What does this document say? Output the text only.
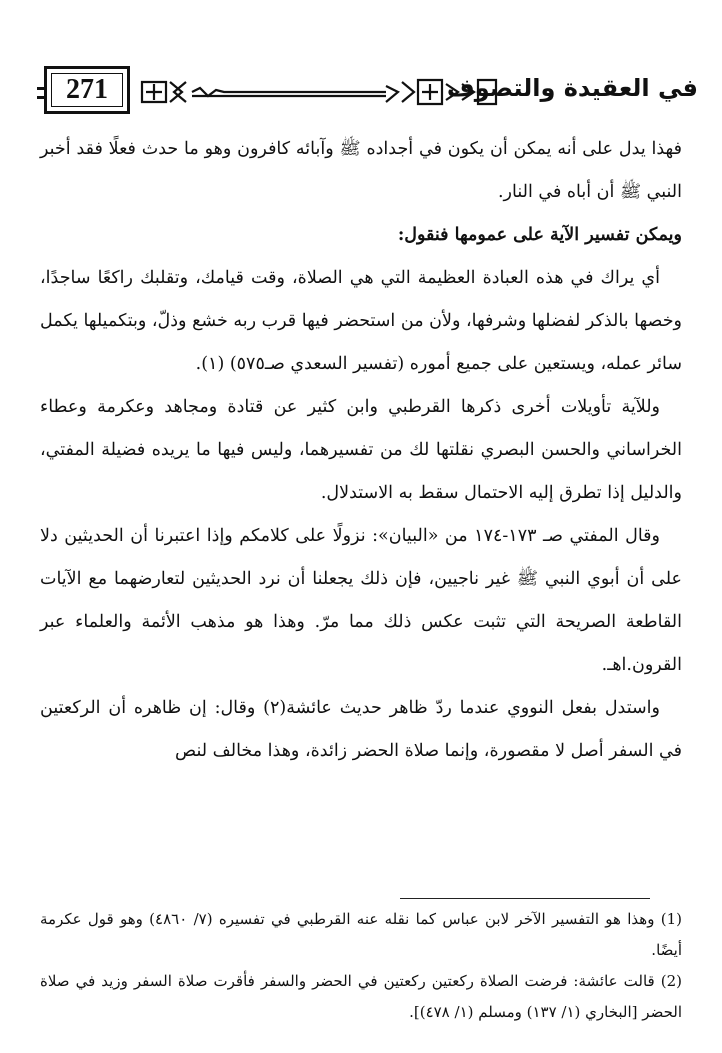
271	في العقيدة والتصوف

فهذا يدل على أنه يمكن أن يكون في أجداده ﷺ وآبائه كافرون وهو ما حدث فعلًا فقد أخبر النبي ﷺ أن أباه في النار.

ويمكن تفسير الآية على عمومها فنقول:

أي يراك في هذه العبادة العظيمة التي هي الصلاة، وقت قيامك، وتقلبك راكعًا ساجدًا، وخصها بالذكر لفضلها وشرفها، ولأن من استحضر فيها قرب ربه خشع وذلّ، وبتكميلها يكمل سائر عمله، ويستعين على جميع أموره (تفسير السعدي صـ٥٧٥) (١).

وللآية تأويلات أخرى ذكرها القرطبي وابن كثير عن قتادة ومجاهد وعكرمة وعطاء الخراساني والحسن البصري نقلتها لك من تفسيرهما، وليس فيها ما يريده فضيلة المفتي، والدليل إذا تطرق إليه الاحتمال سقط به الاستدلال.

وقال المفتي صـ ١٧٣-١٧٤ من «البيان»: نزولًا على كلامكم وإذا اعتبرنا أن الحديثين دلا على أن أبوي النبي ﷺ غير ناجيين، فإن ذلك يجعلنا أن نرد الحديثين لتعارضهما مع الآيات القاطعة الصريحة التي تثبت عكس ذلك مما مرّ. وهذا هو مذهب الأئمة والعلماء عبر القرون.اهـ.

واستدل بفعل النووي عندما ردّ ظاهر حديث عائشة(٢) وقال: إن ظاهره أن الركعتين في السفر أصل لا مقصورة، وإنما صلاة الحضر زائدة، وهذا مخالف لنص

(1) وهذا هو التفسير الآخر لابن عباس كما نقله عنه القرطبي في تفسيره (٧/ ٤٨٦٠) وهو قول عكرمة أيضًا.

(2) قالت عائشة: فرضت الصلاة ركعتين ركعتين في الحضر والسفر فأقرت صلاة السفر وزيد في صلاة الحضر [البخاري (١/ ١٣٧) ومسلم (١/ ٤٧٨)].
